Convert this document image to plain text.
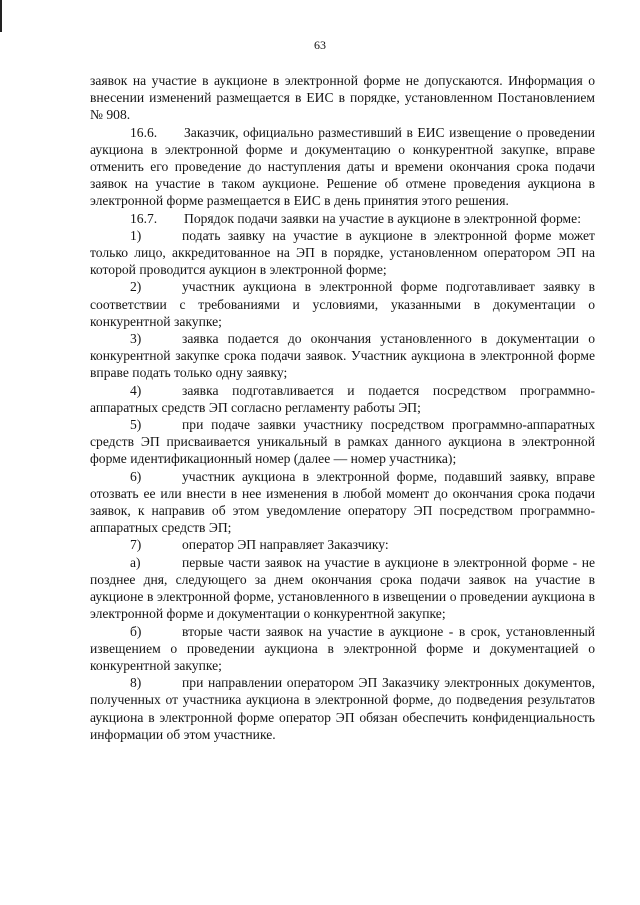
63

заявок на участие в аукционе в электронной форме не допускаются. Информация о внесении изменений размещается в ЕИС в порядке, установленном Постановлением № 908.

16.6. Заказчик, официально разместивший в ЕИС извещение о проведении аукциона в электронной форме и документацию о конкурентной закупке, вправе отменить его проведение до наступления даты и времени окончания срока подачи заявок на участие в таком аукционе. Решение об отмене проведения аукциона в электронной форме размещается в ЕИС в день принятия этого решения.

16.7. Порядок подачи заявки на участие в аукционе в электронной форме:

1)	подать заявку на участие в аукционе в электронной форме может только лицо, аккредитованное на ЭП в порядке, установленном оператором ЭП на которой проводится аукцион в электронной форме;

2)	участник аукциона в электронной форме подготавливает заявку в соответствии с требованиями и условиями, указанными в документации о конкурентной закупке;

3)	заявка подается до окончания установленного в документации о конкурентной закупке срока подачи заявок. Участник аукциона в электронной форме вправе подать только одну заявку;

4)	заявка подготавливается и подается посредством программно-аппаратных средств ЭП согласно регламенту работы ЭП;

5)	при подаче заявки участнику посредством программно-аппаратных средств ЭП присваивается уникальный в рамках данного аукциона в электронной форме идентификационный номер (далее — номер участника);

6)	участник аукциона в электронной форме, подавший заявку, вправе отозвать ее или внести в нее изменения в любой момент до окончания срока подачи заявок, к направив об этом уведомление оператору ЭП посредством программно-аппаратных средств ЭП;

7)	оператор ЭП направляет Заказчику:

а)	первые части заявок на участие в аукционе в электронной форме - не позднее дня, следующего за днем окончания срока подачи заявок на участие в аукционе в электронной форме, установленного в извещении о проведении аукциона в электронной форме и документации о конкурентной закупке;

б)	вторые части заявок на участие в аукционе - в срок, установленный извещением о проведении аукциона в электронной форме и документацией о конкурентной закупке;

8)	при направлении оператором ЭП Заказчику электронных документов, полученных от участника аукциона в электронной форме, до подведения результатов аукциона в электронной форме оператор ЭП обязан обеспечить конфиденциальность информации об этом участнике.
